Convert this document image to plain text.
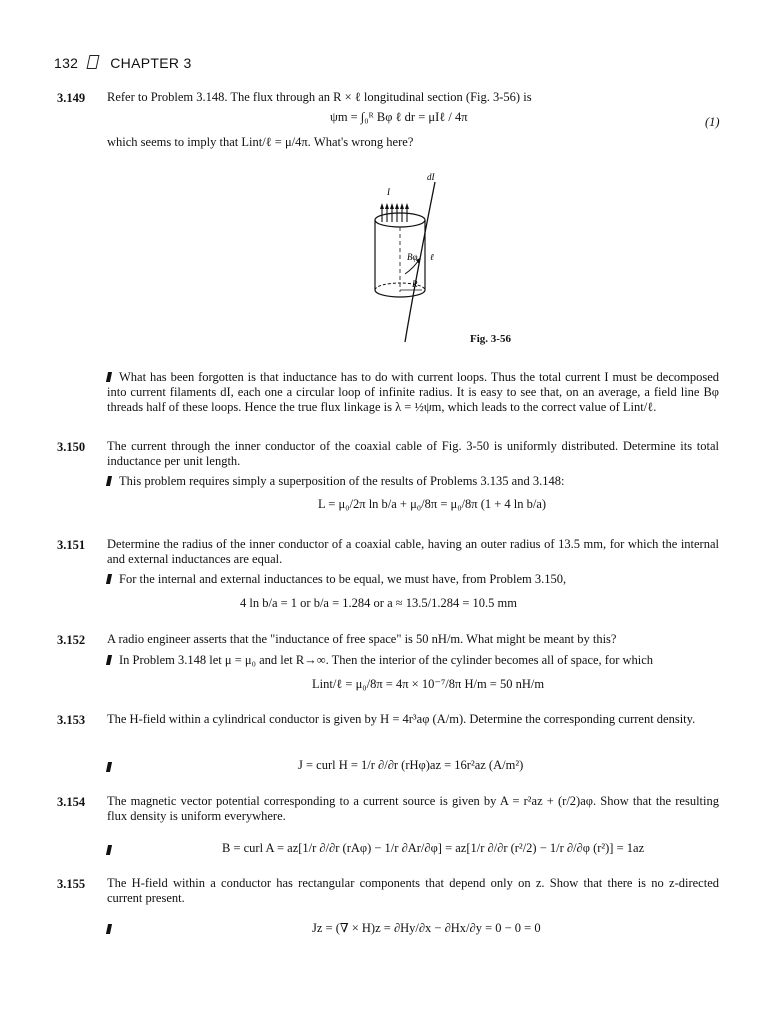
132 CHAPTER 3
3.149 Refer to Problem 3.148. The flux through an R × ℓ longitudinal section (Fig. 3-56) is
ψm = ∫₀ᴿ Bφ ℓ dr = μIℓ / 4π	(1)
which seems to imply that Lint/ℓ = μ/4π. What's wrong here?
dI
I
Bφ ℓ
R
Fig. 3-56
What has been forgotten is that inductance has to do with current loops. Thus the total current I must be decomposed into current filaments dI, each one a circular loop of infinite radius. It is easy to see that, on an average, a field line Bφ threads half of these loops. Hence the true flux linkage is λ = ½ψm, which leads to the correct value of Lint/ℓ.
3.150 The current through the inner conductor of the coaxial cable of Fig. 3-50 is uniformly distributed. Determine its total inductance per unit length.
This problem requires simply a superposition of the results of Problems 3.135 and 3.148:
L = μ₀/2π ln b/a + μ₀/8π = μ₀/8π (1 + 4 ln b/a)
3.151 Determine the radius of the inner conductor of a coaxial cable, having an outer radius of 13.5 mm, for which the internal and external inductances are equal.
For the internal and external inductances to be equal, we must have, from Problem 3.150,
4 ln b/a = 1 or b/a = 1.284 or a ≈ 13.5/1.284 = 10.5 mm
3.152 A radio engineer asserts that the "inductance of free space" is 50 nH/m. What might be meant by this?
In Problem 3.148 let μ = μ₀ and let R→∞. Then the interior of the cylinder becomes all of space, for which
Lint/ℓ = μ₀/8π = 4π × 10⁻⁷/8π H/m = 50 nH/m
3.153 The H-field within a cylindrical conductor is given by H = 4r³aφ (A/m). Determine the corresponding current density.
J = curl H = 1/r ∂/∂r (rHφ)az = 16r²az (A/m²)
3.154 The magnetic vector potential corresponding to a current source is given by A = r²az + (r/2)aφ. Show that the resulting flux density is uniform everywhere.
B = curl A = az[1/r ∂/∂r (rAφ) − 1/r ∂Ar/∂φ] = az[1/r ∂/∂r (r²/2) − 1/r ∂/∂φ (r²)] = 1az
3.155 The H-field within a conductor has rectangular components that depend only on z. Show that there is no z-directed current present.
Jz = (∇ × H)z = ∂Hy/∂x − ∂Hx/∂y = 0 − 0 = 0
